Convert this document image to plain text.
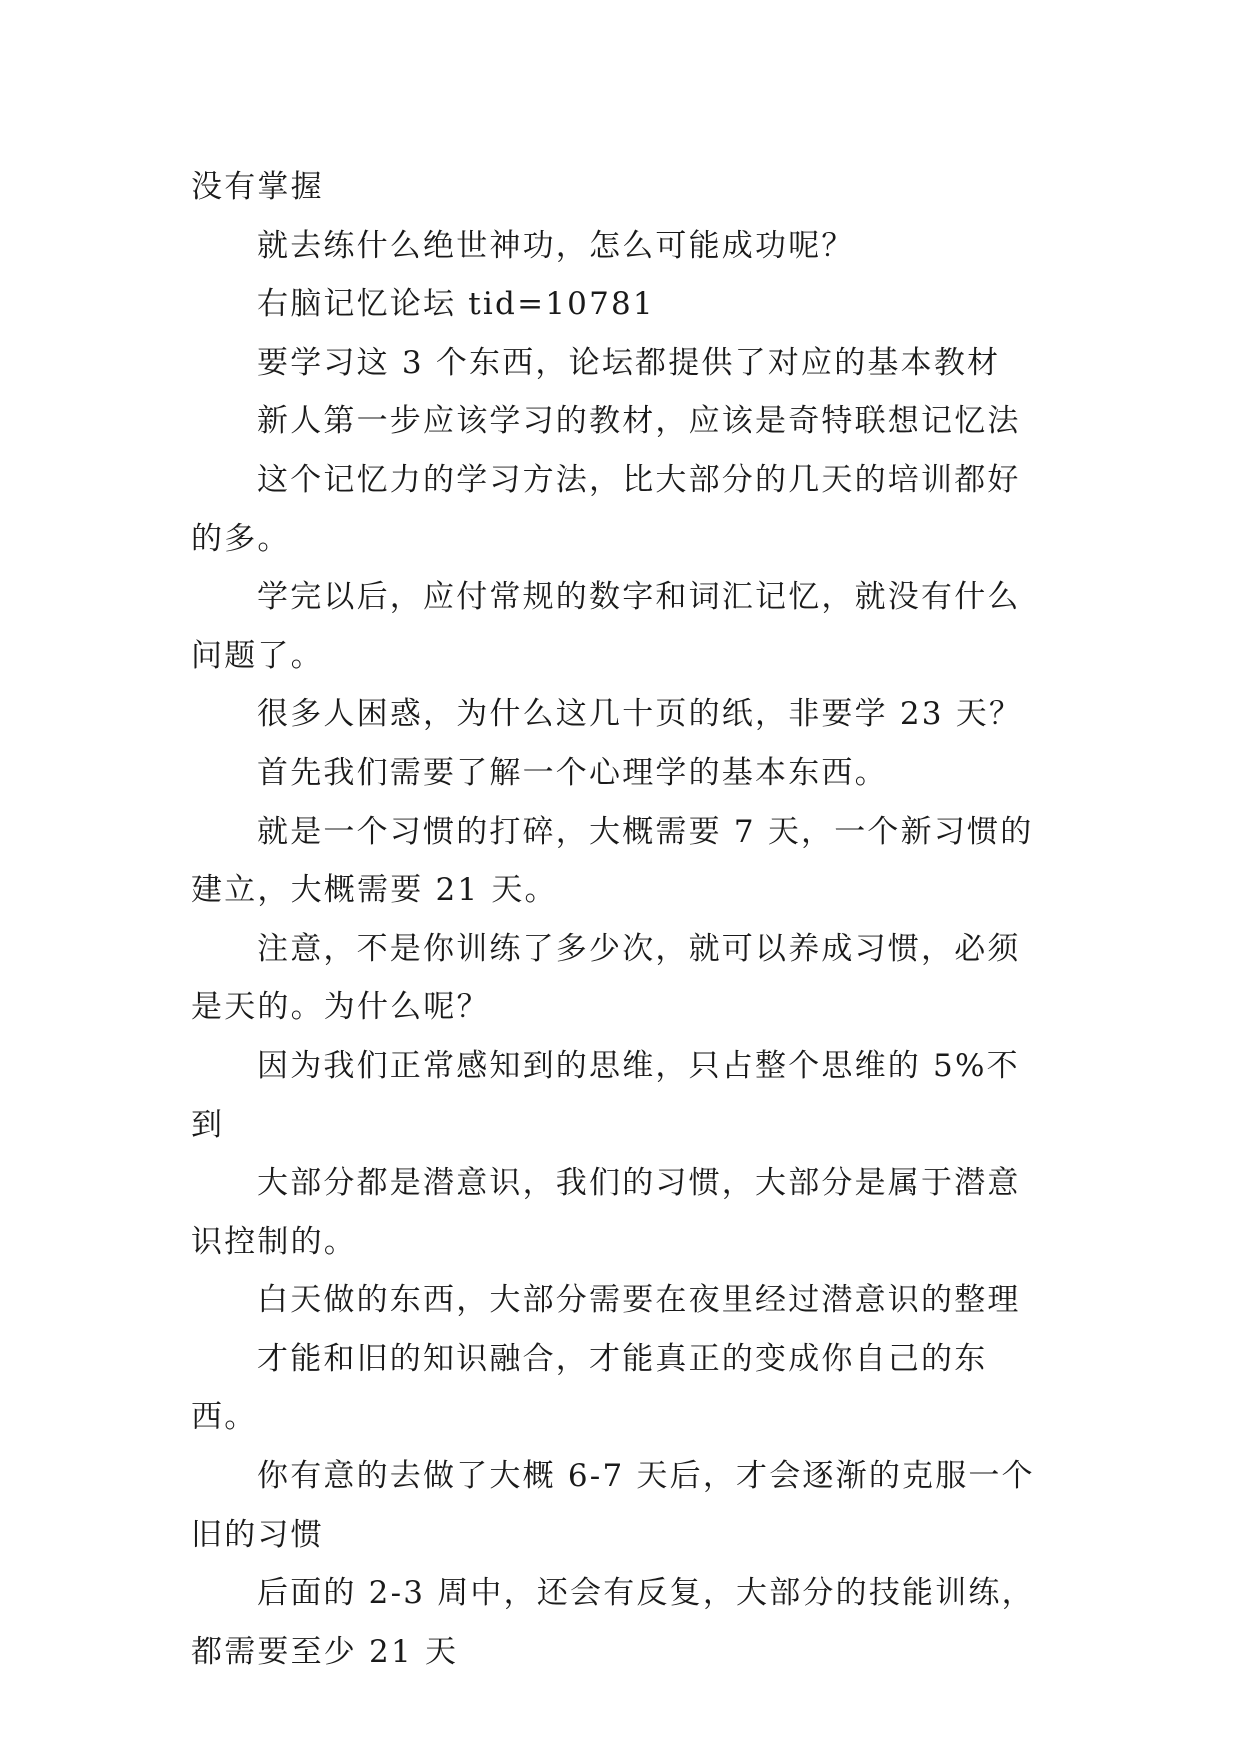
没有掌握

就去练什么绝世神功，怎么可能成功呢？

右脑记忆论坛 tid=10781

要学习这 3 个东西，论坛都提供了对应的基本教材

新人第一步应该学习的教材，应该是奇特联想记忆法

这个记忆力的学习方法，比大部分的几天的培训都好的多。

学完以后，应付常规的数字和词汇记忆，就没有什么问题了。

很多人困惑，为什么这几十页的纸，非要学 23 天？

首先我们需要了解一个心理学的基本东西。

就是一个习惯的打碎，大概需要 7 天，一个新习惯的建立，大概需要 21 天。

注意，不是你训练了多少次，就可以养成习惯，必须是天的。为什么呢？

因为我们正常感知到的思维，只占整个思维的 5%不到

大部分都是潜意识，我们的习惯，大部分是属于潜意识控制的。

白天做的东西，大部分需要在夜里经过潜意识的整理

才能和旧的知识融合，才能真正的变成你自己的东西。

你有意的去做了大概 6-7 天后，才会逐渐的克服一个旧的习惯

后面的 2-3 周中，还会有反复，大部分的技能训练，都需要至少 21 天
